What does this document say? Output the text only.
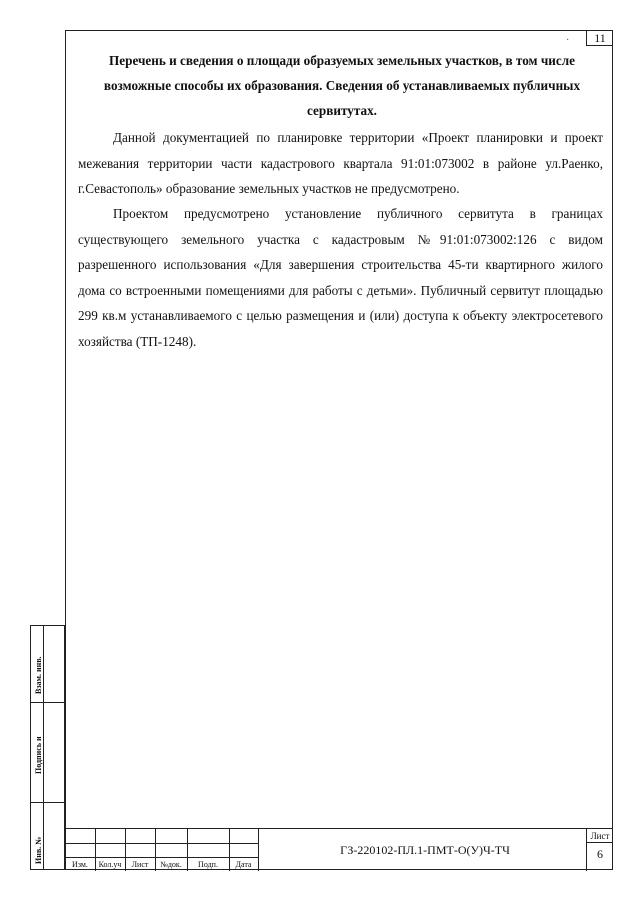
·	11
Перечень и сведения о площади образуемых земельных участков, в том числе возможные способы их образования. Сведения об устанавливаемых публичных сервитутах.

Данной документацией по планировке территории «Проект планировки и проект межевания территории части кадастрового квартала 91:01:073002 в районе ул.Раенко, г.Севастополь» образование земельных участков не предусмотрено.

Проектом предусмотрено установление публичного сервитута в границах существующего земельного участка с кадастровым №91:01:073002:126 с видом разрешенного использования «Для завершения строительства 45-ти квартирного жилого дома со встроенными помещениями для работы с детьми». Публичный сервитут площадью 299 кв.м устанавливаемого с целью размещения и (или) доступа к объекту электросетевого хозяйства (ТП-1248).

Взам. инв.
Подпись и
Инв. №
Изм.	Кол.уч	Лист	№док.	Подп.	Дата
ГЗ-220102-ПЛ.1-ПМТ-О(У)Ч-ТЧ
Лист
6
